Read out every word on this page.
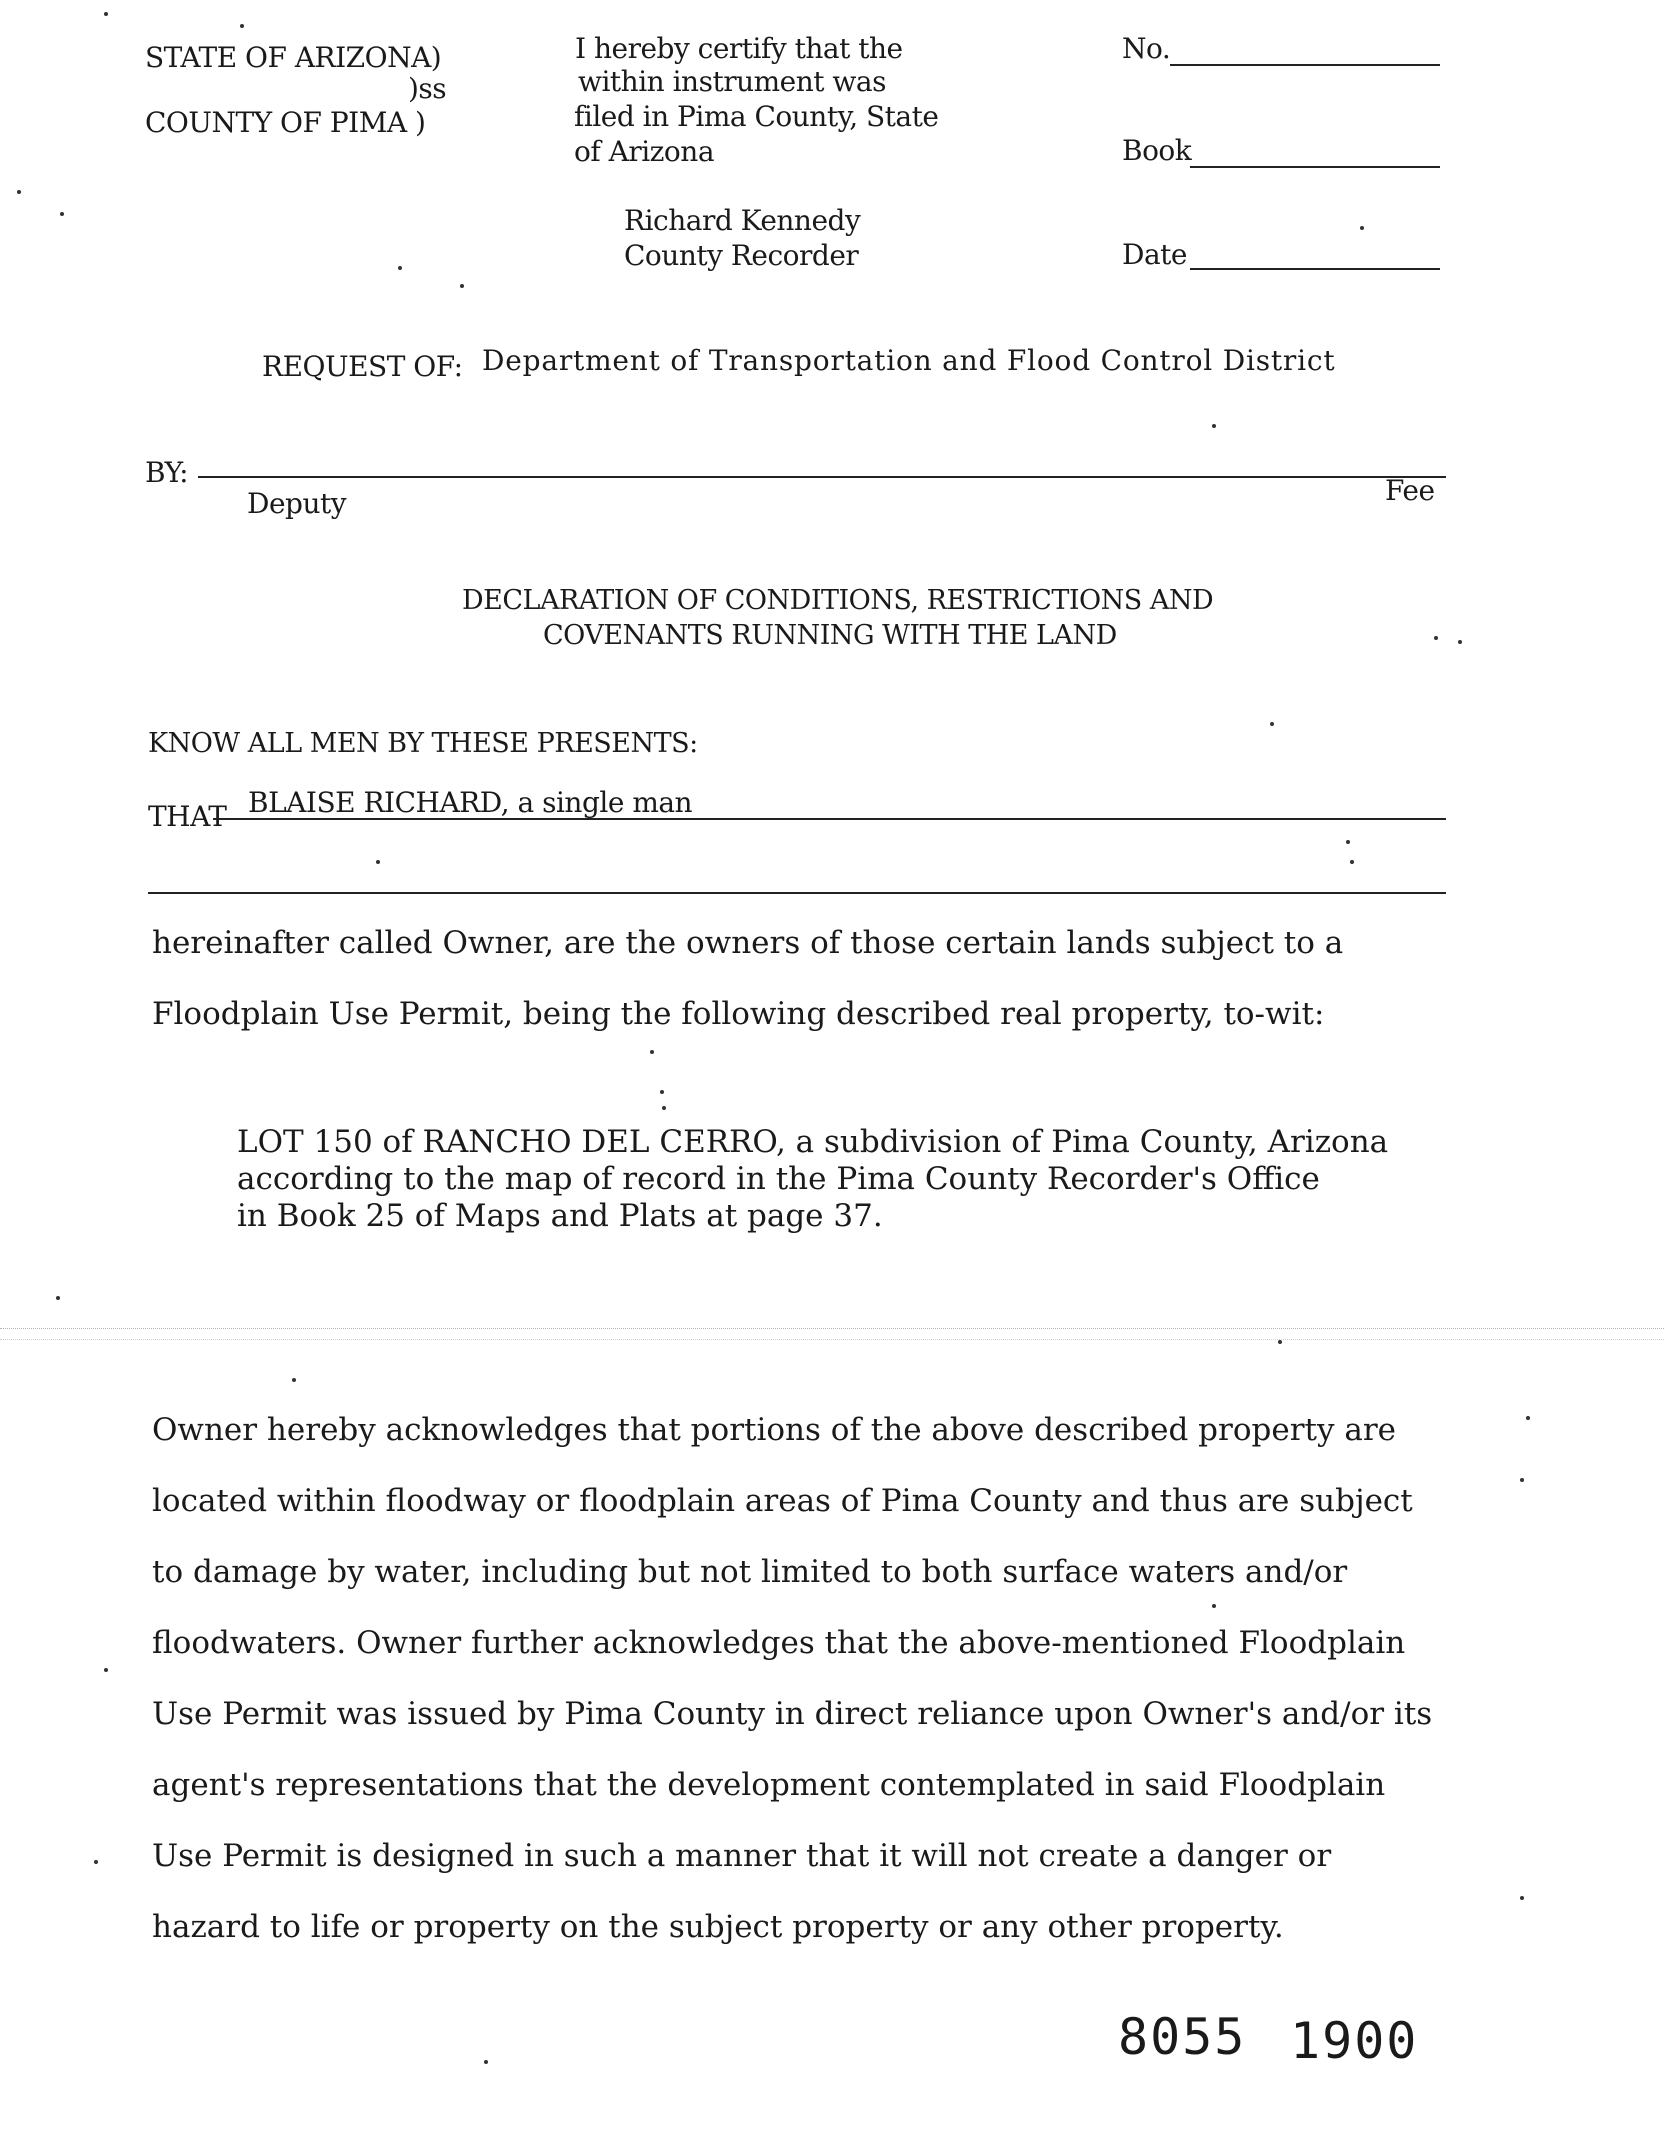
STATE OF ARIZONA)
)ss
COUNTY OF PIMA )
I hereby certify that the
within instrument was
filed in Pima County, State
of Arizona
Richard Kennedy
County Recorder
No.
Book
Date
REQUEST OF: Department of Transportation and Flood Control District
BY:
Deputy	Fee
DECLARATION OF CONDITIONS, RESTRICTIONS AND
COVENANTS RUNNING WITH THE LAND
KNOW ALL MEN BY THESE PRESENTS:
THAT BLAISE RICHARD, a single man
hereinafter called Owner, are the owners of those certain lands subject to a
Floodplain Use Permit, being the following described real property, to-wit:
LOT 150 of RANCHO DEL CERRO, a subdivision of Pima County, Arizona
according to the map of record in the Pima County Recorder's Office
in Book 25 of Maps and Plats at page 37.
Owner hereby acknowledges that portions of the above described property are
located within floodway or floodplain areas of Pima County and thus are subject
to damage by water, including but not limited to both surface waters and/or
floodwaters. Owner further acknowledges that the above-mentioned Floodplain
Use Permit was issued by Pima County in direct reliance upon Owner's and/or its
agent's representations that the development contemplated in said Floodplain
Use Permit is designed in such a manner that it will not create a danger or
hazard to life or property on the subject property or any other property.
8055 1900
